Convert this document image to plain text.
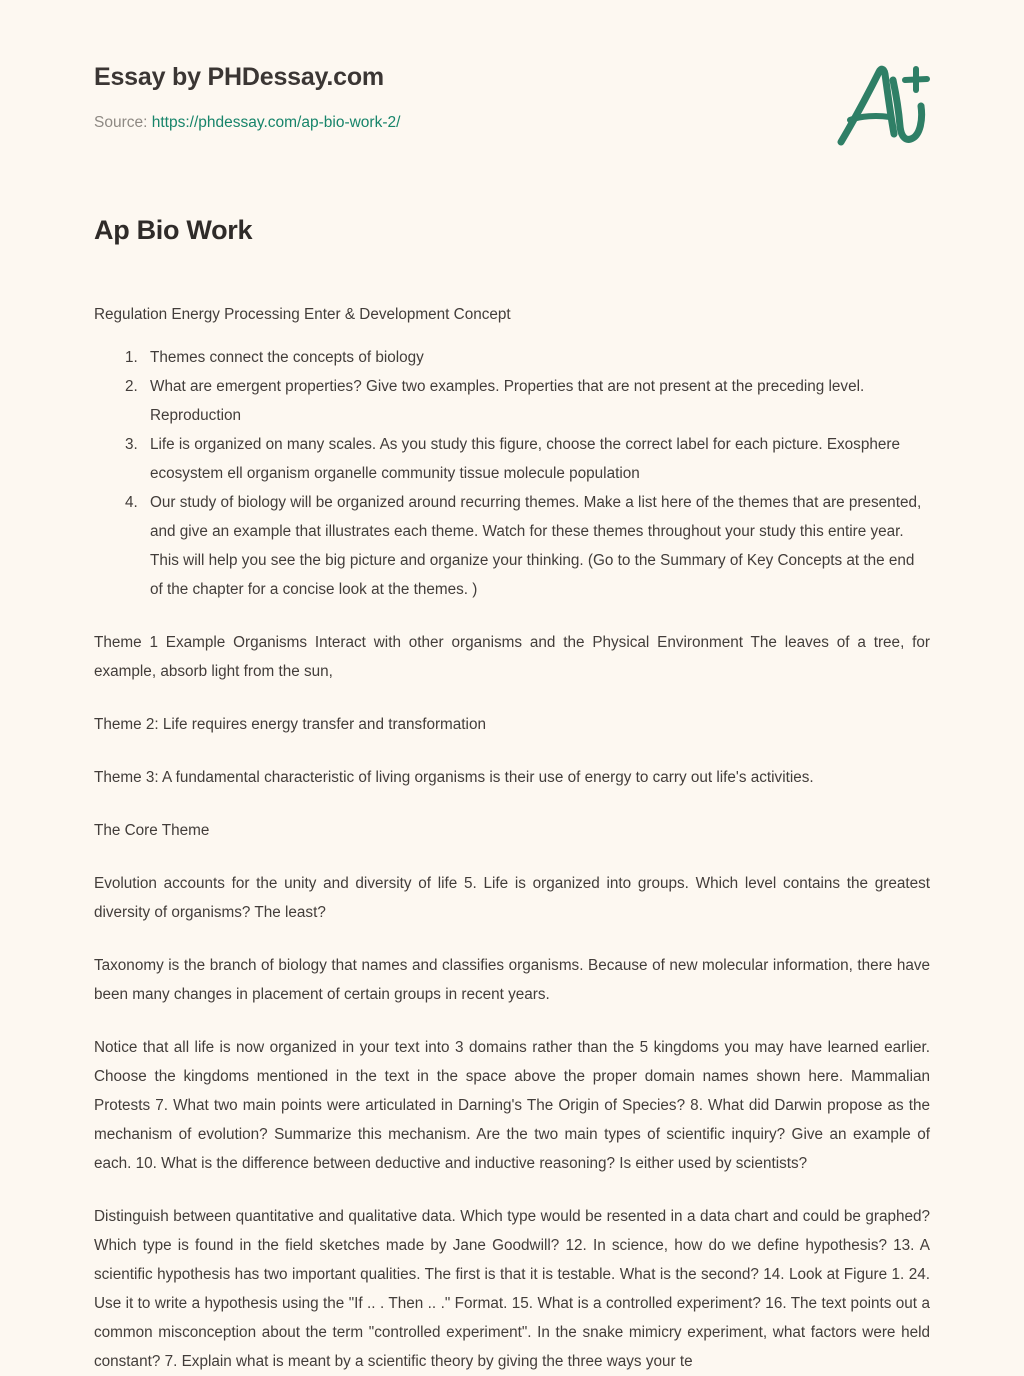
Essay by PHDessay.com
Source: https://phdessay.com/ap-bio-work-2/
Ap Bio Work

Regulation Energy Processing Enter & Development Concept

1. Themes connect the concepts of biology
2. What are emergent properties? Give two examples. Properties that are not present at the preceding level. Reproduction
3. Life is organized on many scales. As you study this figure, choose the correct label for each picture. Exosphere ecosystem ell organism organelle community tissue molecule population
4. Our study of biology will be organized around recurring themes. Make a list here of the themes that are presented, and give an example that illustrates each theme. Watch for these themes throughout your study this entire year. This will help you see the big picture and organize your thinking. (Go to the Summary of Key Concepts at the end of the chapter for a concise look at the themes. )

Theme 1 Example Organisms Interact with other organisms and the Physical Environment The leaves of a tree, for example, absorb light from the sun,

Theme 2: Life requires energy transfer and transformation

Theme 3: A fundamental characteristic of living organisms is their use of energy to carry out life's activities.

The Core Theme

Evolution accounts for the unity and diversity of life 5. Life is organized into groups. Which level contains the greatest diversity of organisms? The least?

Taxonomy is the branch of biology that names and classifies organisms. Because of new molecular information, there have been many changes in placement of certain groups in recent years.

Notice that all life is now organized in your text into 3 domains rather than the 5 kingdoms you may have learned earlier. Choose the kingdoms mentioned in the text in the space above the proper domain names shown here. Mammalian Protests 7. What two main points were articulated in Darning's The Origin of Species? 8. What did Darwin propose as the mechanism of evolution? Summarize this mechanism. Are the two main types of scientific inquiry? Give an example of each. 10. What is the difference between deductive and inductive reasoning? Is either used by scientists?

Distinguish between quantitative and qualitative data. Which type would be resented in a data chart and could be graphed? Which type is found in the field sketches made by Jane Goodwill? 12. In science, how do we define hypothesis? 13. A scientific hypothesis has two important qualities. The first is that it is testable. What is the second? 14. Look at Figure 1. 24. Use it to write a hypothesis using the "If .. . Then .. ." Format. 15. What is a controlled experiment? 16. The text points out a common misconception about the term "controlled experiment". In the snake mimicry experiment, what factors were held constant? 7. Explain what is meant by a scientific theory by giving the three ways your te
